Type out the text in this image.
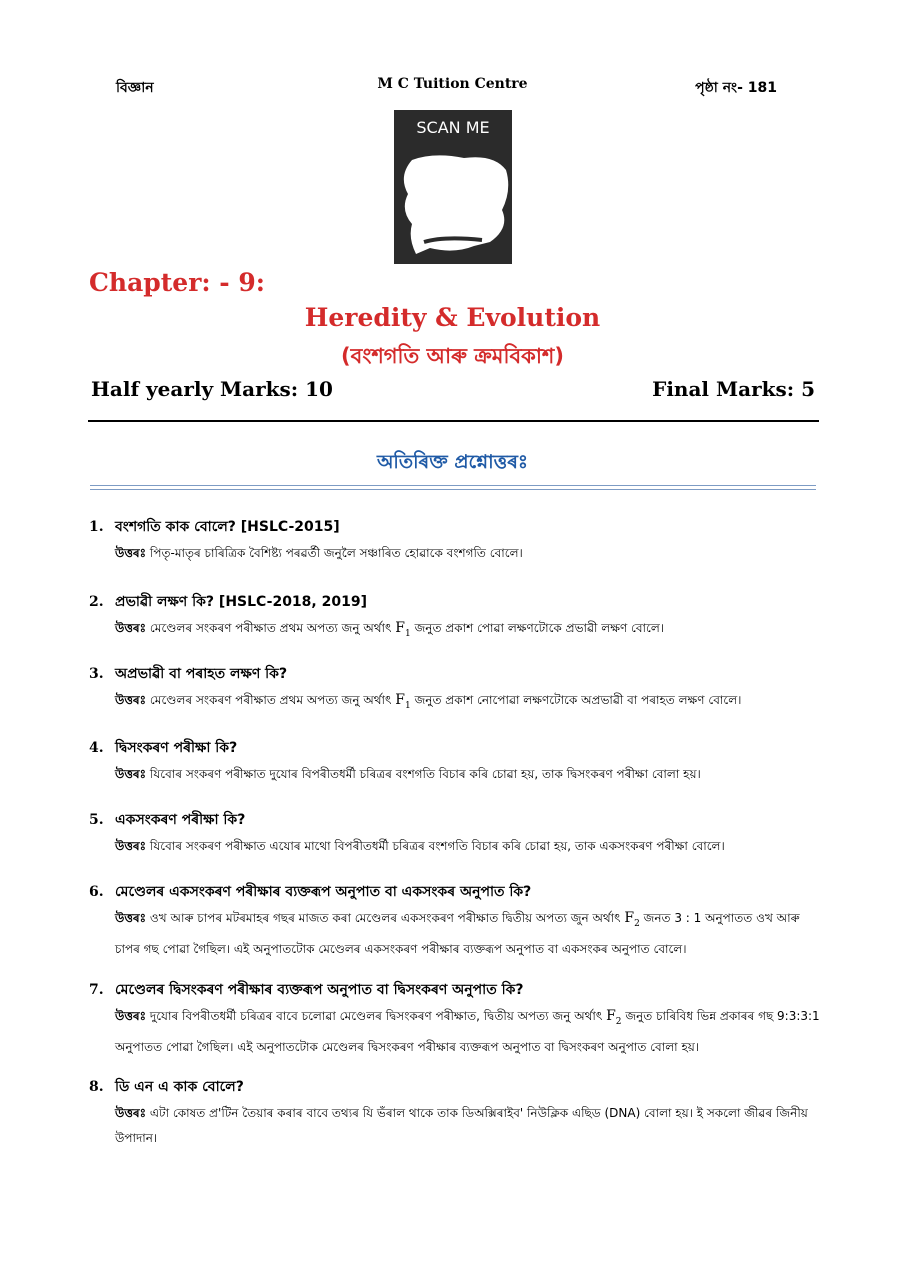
বিজ্ঞান	M C Tuition Centre	পৃষ্ঠা নং- 181
SCAN ME
Chapter: - 9:
Heredity & Evolution
(বংশগতি আৰু ক্ৰমবিকাশ)
Half yearly Marks: 10	Final Marks: 5
অতিৰিক্ত প্ৰশ্নোত্তৰঃ

1. বংশগতি কাক বোলে? [HSLC-2015]

উত্তৰঃ পিতৃ-মাতৃৰ চাৰিত্ৰিক বৈশিষ্ট্য পৰৱৰ্তী জনুলৈ সঞ্চাৰিত হোৱাকে বংশগতি বোলে।

2. প্ৰভাৱী লক্ষণ কি? [HSLC-2018, 2019]

উত্তৰঃ মেণ্ডেলৰ সংকৰণ পৰীক্ষাত প্ৰথম অপত্য জনু অৰ্থাৎ $F_1$ জনুত প্ৰকাশ পোৱা লক্ষণটোকে প্ৰভাৱী লক্ষণ বোলে।

3. অপ্ৰভাৱী বা পৰাহত লক্ষণ কি?

উত্তৰঃ মেণ্ডেলৰ সংকৰণ পৰীক্ষাত প্ৰথম অপত্য জনু অৰ্থাৎ $F_1$ জনুত প্ৰকাশ নোপোৱা লক্ষণটোকে অপ্ৰভাৱী বা পৰাহত লক্ষণ বোলে।

4. দ্বিসংকৰণ পৰীক্ষা কি?

উত্তৰঃ যিবোৰ সংকৰণ পৰীক্ষাত দুযোৰ বিপৰীতধৰ্মী চৰিত্ৰৰ বংশগতি বিচাৰ কৰি চোৱা হয়, তাক দ্বিসংকৰণ পৰীক্ষা বোলা হয়।

5. একসংকৰণ পৰীক্ষা কি?

উত্তৰঃ যিবোৰ সংকৰণ পৰীক্ষাত এযোৰ মাথো বিপৰীতধৰ্মী চৰিত্ৰৰ বংশগতি বিচাৰ কৰি চোৱা হয়, তাক একসংকৰণ পৰীক্ষা বোলে।

6. মেণ্ডেলৰ একসংকৰণ পৰীক্ষাৰ ব্যক্তৰূপ অনুপাত বা একসংকৰ অনুপাত কি?

উত্তৰঃ ওখ আৰু চাপৰ মটৰমাহৰ গছৰ মাজত কৰা মেণ্ডেলৰ একসংকৰণ পৰীক্ষাত দ্বিতীয় অপত্য জুন অৰ্থাৎ $F_2$ জনত 3 : 1 অনুপাতত ওখ আৰু চাপৰ গছ পোৱা গৈছিল। এই অনুপাতটোক মেণ্ডেলৰ একসংকৰণ পৰীক্ষাৰ ব্যক্তৰূপ অনুপাত বা একসংকৰ অনুপাত বোলে।

7. মেণ্ডেলৰ দ্বিসংকৰণ পৰীক্ষাৰ ব্যক্তৰূপ অনুপাত বা দ্বিসংকৰণ অনুপাত কি?

উত্তৰঃ দুযোৰ বিপৰীতধৰ্মী চৰিত্ৰৰ বাবে চলোৱা মেণ্ডেলৰ দ্বিসংকৰণ পৰীক্ষাত, দ্বিতীয় অপত্য জনু অৰ্থাৎ $F_2$ জনুত চাৰিবিধ ভিন্ন প্ৰকাৰৰ গছ 9:3:3:1 অনুপাতত পোৱা গৈছিল। এই অনুপাতটোক মেণ্ডেলৰ দ্বিসংকৰণ পৰীক্ষাৰ ব্যক্তৰূপ অনুপাত বা দ্বিসংকৰণ অনুপাত বোলা হয়।

8. ডি এন এ কাক বোলে?

উত্তৰঃ এটা কোষত প্ৰ'টিন তৈয়াৰ কৰাৰ বাবে তথ্যৰ যি ভঁৰাল থাকে তাক ডিঅক্সিৰাইব' নিউক্লিক এছিড (DNA) বোলা হয়। ই সকলো জীৱৰ জিনীয় উপাদান।
